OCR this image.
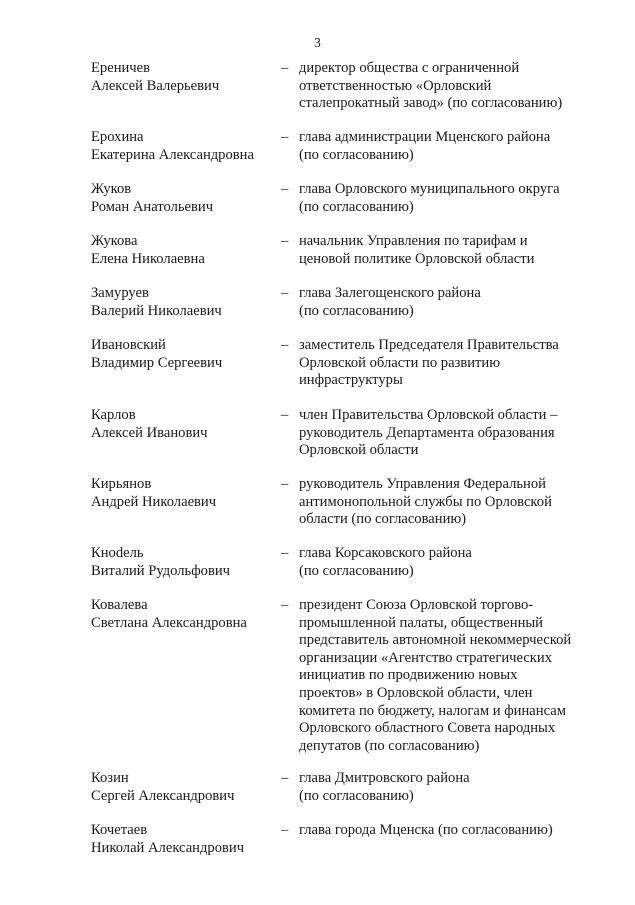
3
Ереничев
Алексей Валерьевич
– директор общества с ограниченной
ответственностью «Орловский
сталепрокатный завод» (по согласованию)
Ерохина
Екатерина Александровна
– глава администрации Мценского района
(по согласованию)
Жуков
Роман Анатольевич
– глава Орловского муниципального округа
(по согласованию)
Жукова
Елена Николаевна
– начальник Управления по тарифам и
ценовой политике Орловской области
Замуруев
Валерий Николаевич
– глава Залегощенского района
(по согласованию)
Ивановский
Владимир Сергеевич
– заместитель Председателя Правительства
Орловской области по развитию
инфраструктуры
Карлов
Алексей Иванович
– член Правительства Орловской области –
руководитель Департамента образования
Орловской области
Кирьянов
Андрей Николаевич
– руководитель Управления Федеральной
антимонопольной службы по Орловской
области (по согласованию)
Кноdель
Виталий Рудольфович
– глава Корсаковского района
(по согласованию)
Ковалева
Светлана Александровна
– президент Союза Орловской торгово-
промышленной палаты, общественный
представитель автономной некоммерческой
организации «Агентство стратегических
инициатив по продвижению новых
проектов» в Орловской области, член
комитета по бюджету, налогам и финансам
Орловского областного Совета народных
депутатов (по согласованию)
Козин
Сергей Александрович
– глава Дмитровского района
(по согласованию)
Кочетаев
Николай Александрович
– глава города Мценска (по согласованию)
